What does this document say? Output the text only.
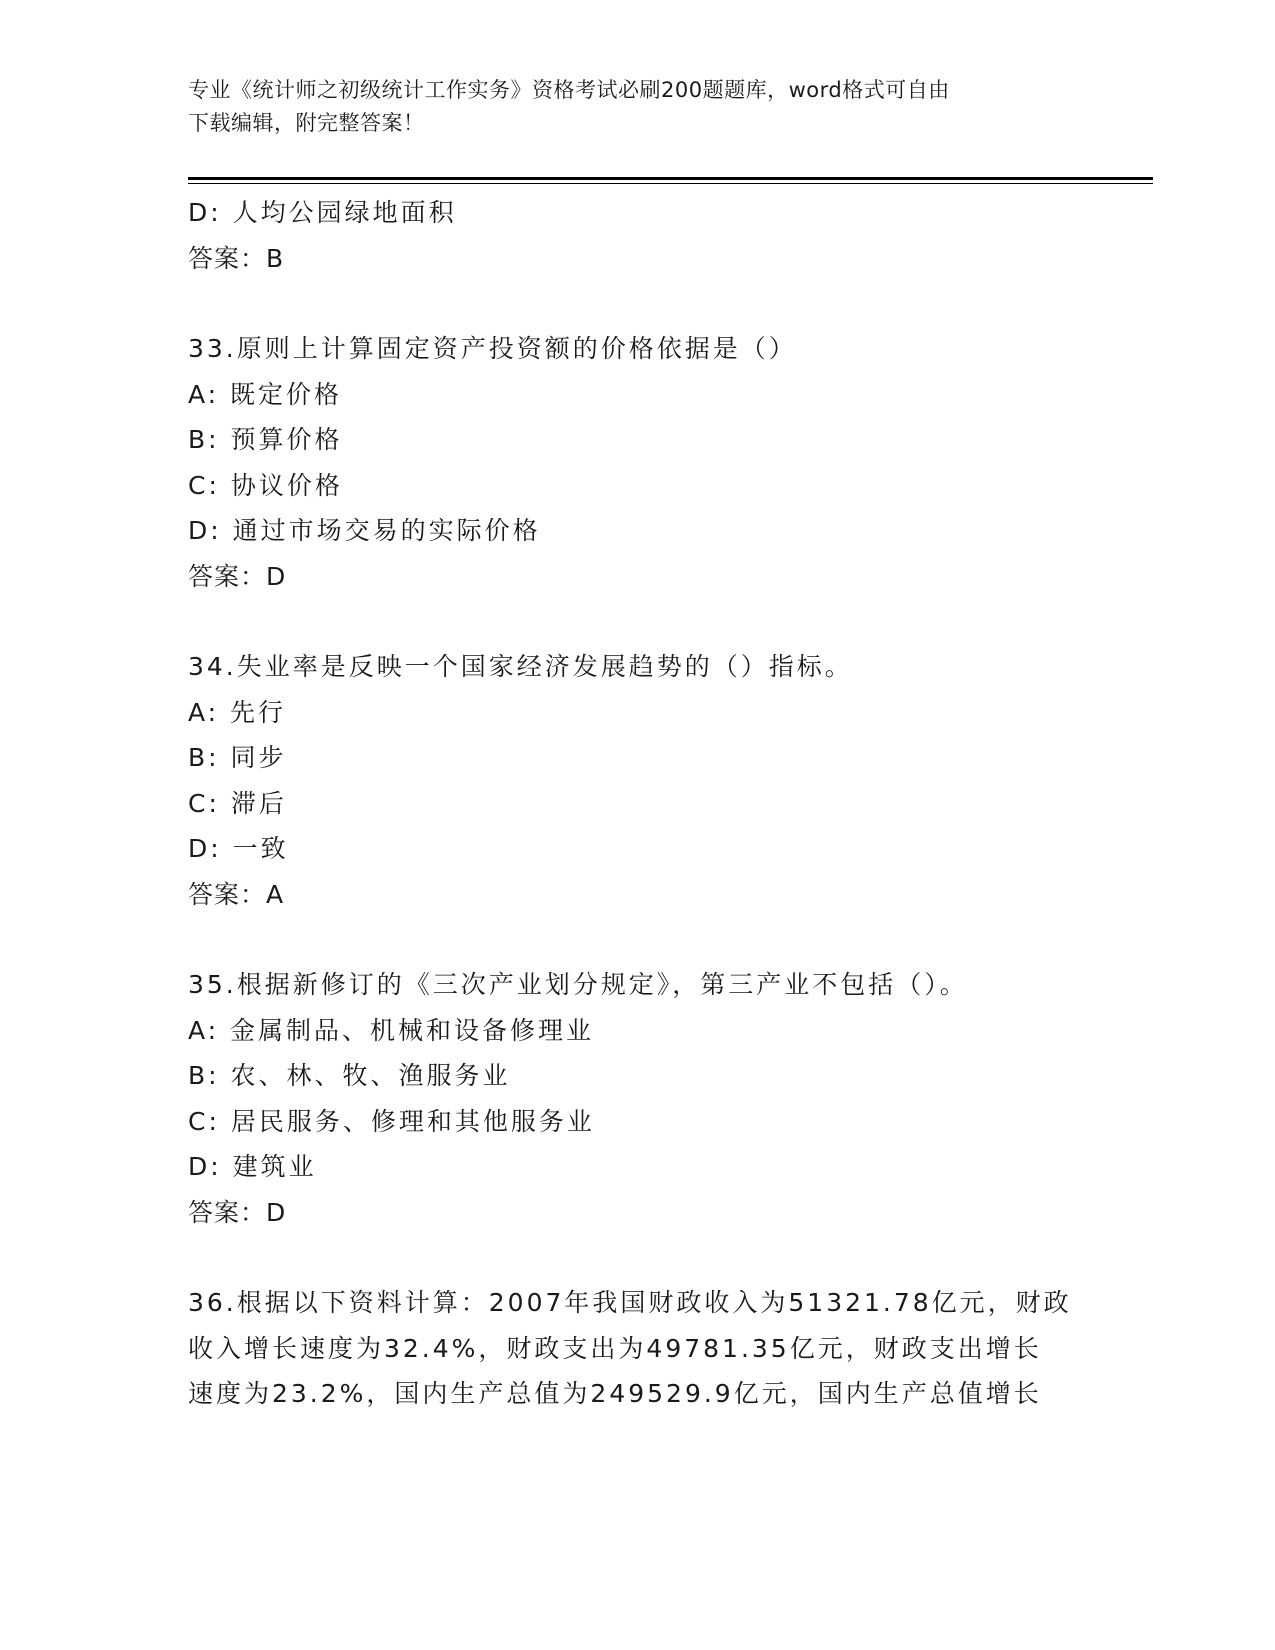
专业《统计师之初级统计工作实务》资格考试必刷200题题库，word格式可自由
下载编辑，附完整答案！
D: 人均公园绿地面积
答案：B
33.原则上计算固定资产投资额的价格依据是（）
A: 既定价格
B: 预算价格
C: 协议价格
D: 通过市场交易的实际价格
答案：D
34.失业率是反映一个国家经济发展趋势的（）指标。
A: 先行
B: 同步
C: 滞后
D: 一致
答案：A
35.根据新修订的《三次产业划分规定》，第三产业不包括（）。
A: 金属制品、机械和设备修理业
B: 农、林、牧、渔服务业
C: 居民服务、修理和其他服务业
D: 建筑业
答案：D
36.根据以下资料计算：2007年我国财政收入为51321.78亿元，财政
收入增长速度为32.4%，财政支出为49781.35亿元，财政支出增长
速度为23.2%，国内生产总值为249529.9亿元，国内生产总值增长
